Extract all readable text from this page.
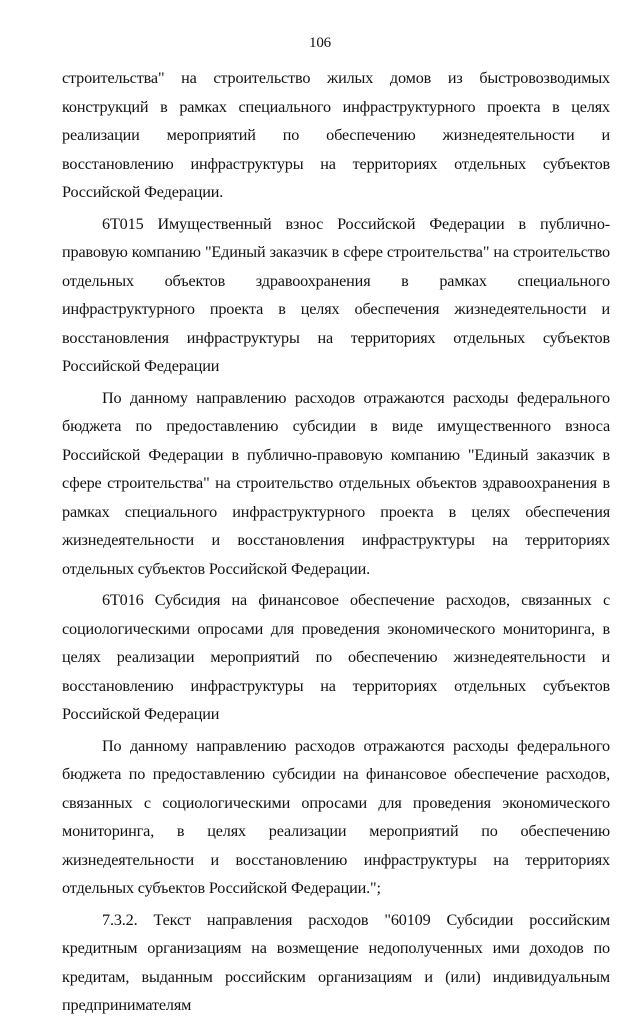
106

строительства" на строительство жилых домов из быстровозводимых конструкций в рамках специального инфраструктурного проекта в целях реализации мероприятий по обеспечению жизнедеятельности и восстановлению инфраструктуры на территориях отдельных субъектов Российской Федерации.

6Т015 Имущественный взнос Российской Федерации в публично-правовую компанию "Единый заказчик в сфере строительства" на строительство отдельных объектов здравоохранения в рамках специального инфраструктурного проекта в целях обеспечения жизнедеятельности и восстановления инфраструктуры на территориях отдельных субъектов Российской Федерации

По данному направлению расходов отражаются расходы федерального бюджета по предоставлению субсидии в виде имущественного взноса Российской Федерации в публично-правовую компанию "Единый заказчик в сфере строительства" на строительство отдельных объектов здравоохранения в рамках специального инфраструктурного проекта в целях обеспечения жизнедеятельности и восстановления инфраструктуры на территориях отдельных субъектов Российской Федерации.

6Т016 Субсидия на финансовое обеспечение расходов, связанных с социологическими опросами для проведения экономического мониторинга, в целях реализации мероприятий по обеспечению жизнедеятельности и восстановлению инфраструктуры на территориях отдельных субъектов Российской Федерации

По данному направлению расходов отражаются расходы федерального бюджета по предоставлению субсидии на финансовое обеспечение расходов, связанных с социологическими опросами для проведения экономического мониторинга, в целях реализации мероприятий по обеспечению жизнедеятельности и восстановлению инфраструктуры на территориях отдельных субъектов Российской Федерации.";

7.3.2. Текст направления расходов "60109 Субсидии российским кредитным организациям на возмещение недополученных ими доходов по кредитам, выданным российским организациям и (или) индивидуальным предпринимателям
